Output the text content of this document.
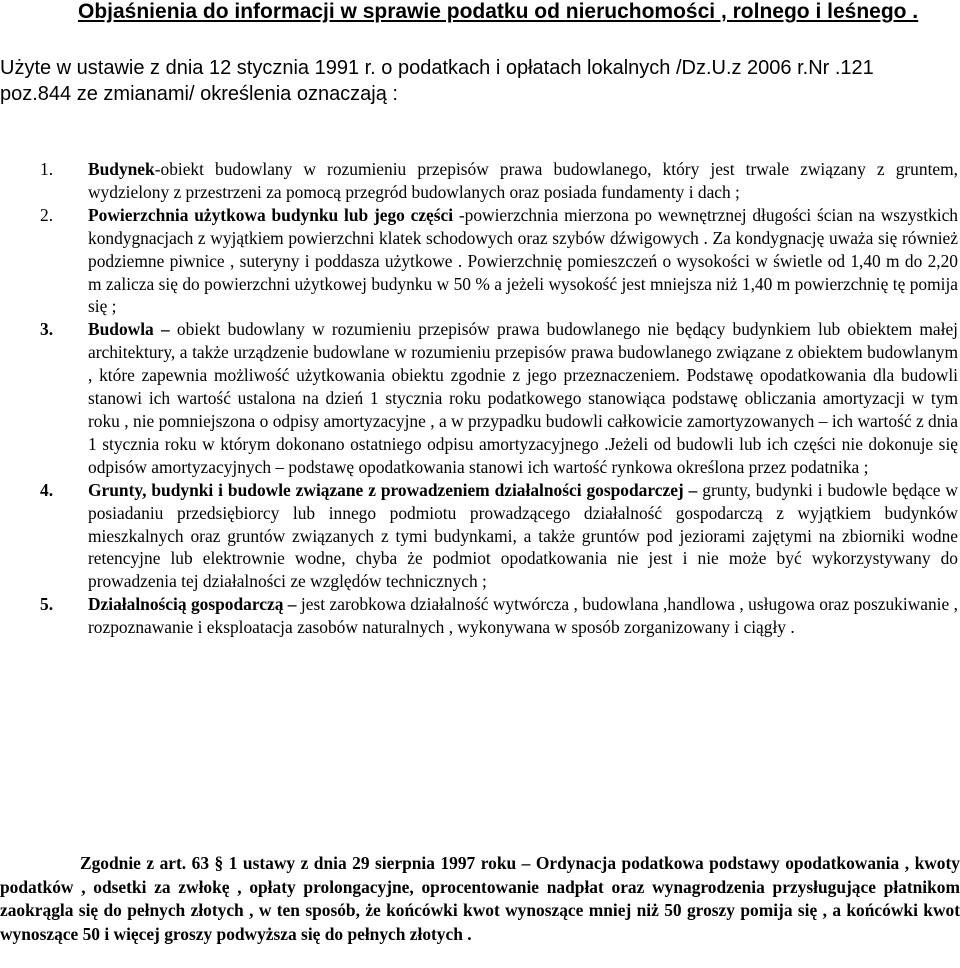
Objaśnienia do informacji w sprawie podatku od nieruchomości , rolnego i leśnego .
Użyte w ustawie z dnia 12 stycznia 1991 r. o podatkach i opłatach lokalnych /Dz.U.z 2006 r.Nr .121
poz.844 ze zmianami/ określenia oznaczają :
1.	Budynek-obiekt budowlany w rozumieniu przepisów prawa budowlanego, który jest trwale związany z gruntem, wydzielony z przestrzeni za pomocą przegród budowlanych oraz posiada fundamenty i dach ;
2.	Powierzchnia użytkowa budynku lub jego części -powierzchnia mierzona po wewnętrznej długości ścian na wszystkich kondygnacjach z wyjątkiem powierzchni klatek schodowych oraz szybów dźwigowych . Za kondygnację uważa się również podziemne piwnice , suteryny i poddasza użytkowe . Powierzchnię pomieszczeń o wysokości w świetle od 1,40 m do 2,20 m zalicza się do powierzchni użytkowej budynku w 50 % a jeżeli wysokość jest mniejsza niż 1,40 m powierzchnię tę pomija się ;
3.	Budowla – obiekt budowlany w rozumieniu przepisów prawa budowlanego nie będący budynkiem lub obiektem małej architektury, a także urządzenie budowlane w rozumieniu przepisów prawa budowlanego związane z obiektem budowlanym , które zapewnia możliwość użytkowania obiektu zgodnie z jego przeznaczeniem. Podstawę opodatkowania dla budowli stanowi ich wartość ustalona na dzień 1 stycznia roku podatkowego stanowiąca podstawę obliczania amortyzacji w tym roku , nie pomniejszona o odpisy amortyzacyjne , a w przypadku budowli całkowicie zamortyzowanych – ich wartość z dnia 1 stycznia roku w którym dokonano ostatniego odpisu amortyzacyjnego .Jeżeli od budowli lub ich części nie dokonuje się odpisów amortyzacyjnych – podstawę opodatkowania stanowi ich wartość rynkowa określona przez podatnika ;
4.	Grunty, budynki i budowle związane z prowadzeniem działalności gospodarczej – grunty, budynki i budowle będące w posiadaniu przedsiębiorcy lub innego podmiotu prowadzącego działalność gospodarczą z wyjątkiem budynków mieszkalnych oraz gruntów związanych z tymi budynkami, a także gruntów pod jeziorami zajętymi na zbiorniki wodne retencyjne lub elektrownie wodne, chyba że podmiot opodatkowania nie jest i nie może być wykorzystywany do prowadzenia tej działalności ze względów technicznych ;
5.	Działalnością gospodarczą – jest zarobkowa działalność wytwórcza , budowlana ,handlowa , usługowa oraz poszukiwanie , rozpoznawanie i eksploatacja zasobów naturalnych , wykonywana w sposób zorganizowany i ciągły .
Zgodnie z art. 63 § 1 ustawy z dnia 29 sierpnia 1997 roku – Ordynacja podatkowa podstawy opodatkowania , kwoty podatków , odsetki za zwłokę , opłaty prolongacyjne, oprocentowanie nadpłat oraz wynagrodzenia przysługujące płatnikom zaokrągla się do pełnych złotych , w ten sposób, że końcówki kwot wynoszące mniej niż 50 groszy pomija się , a końcówki kwot wynoszące 50 i więcej groszy podwyższa się do pełnych złotych .
